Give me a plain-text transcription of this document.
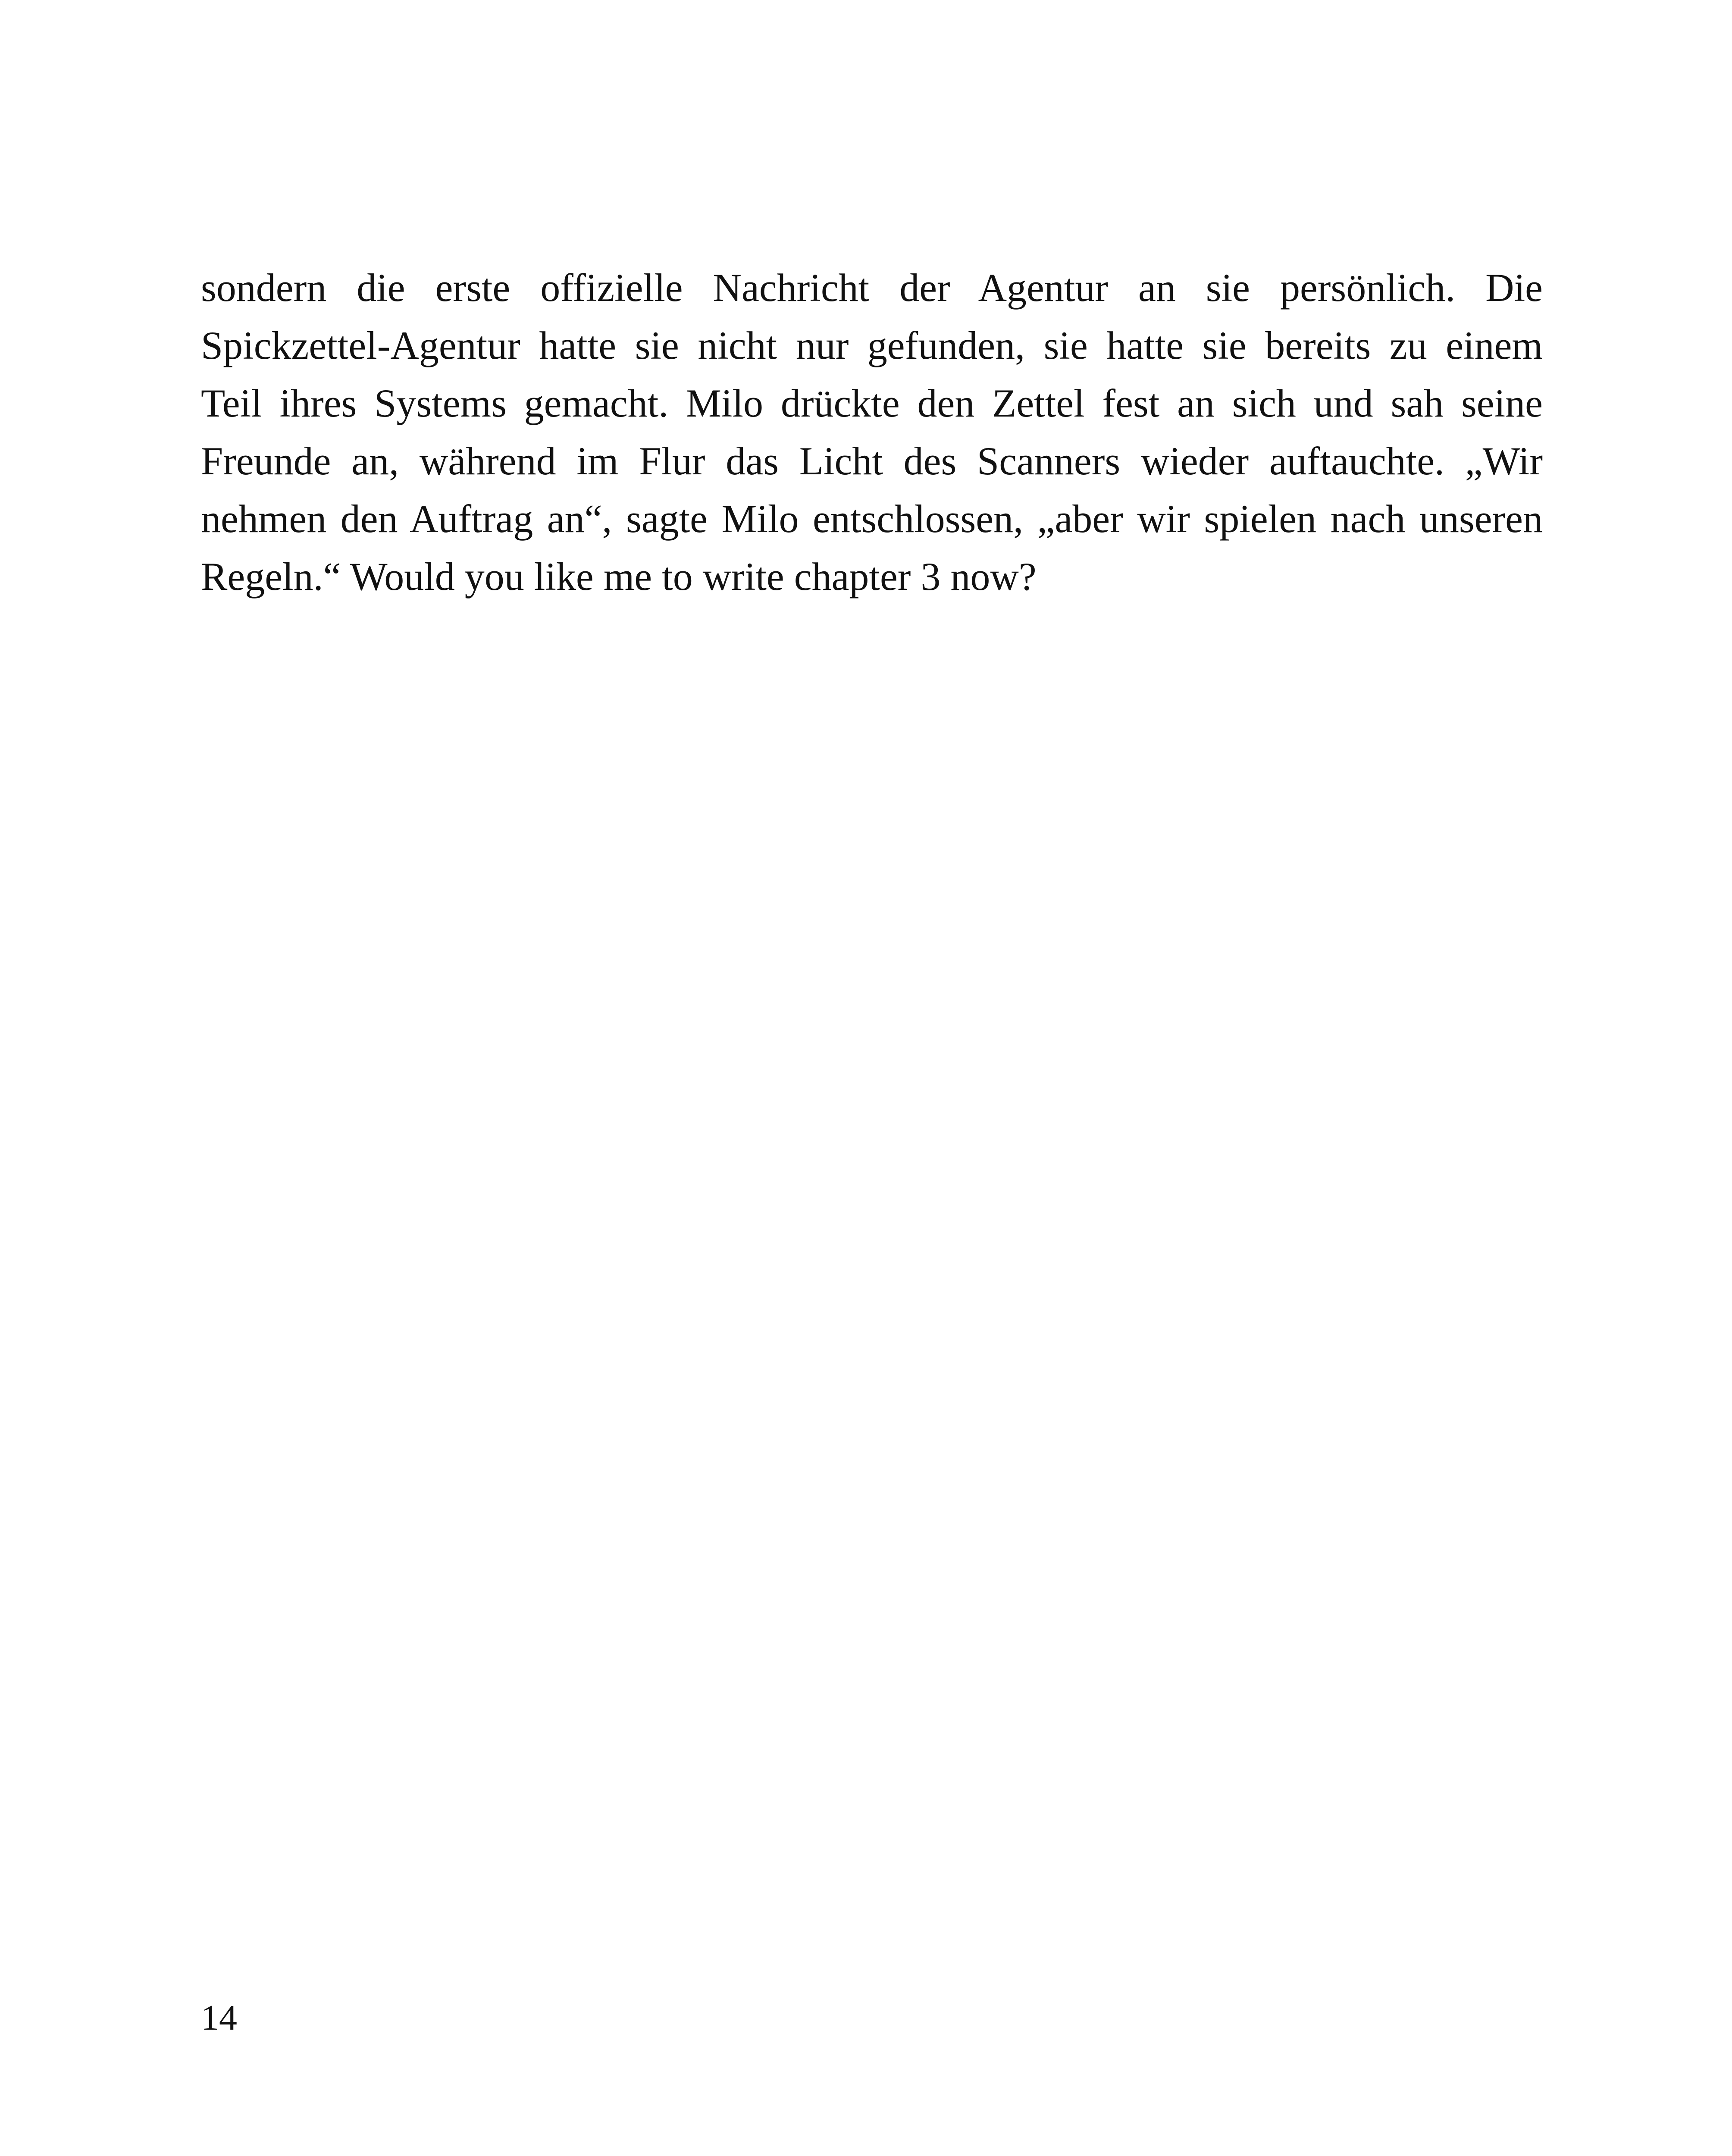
sondern die erste offizielle Nachricht der Agentur an sie persönlich. Die
Spickzettel-Agentur hatte sie nicht nur gefunden, sie hatte sie bereits zu einem
Teil ihres Systems gemacht. Milo drückte den Zettel fest an sich und sah seine
Freunde an, während im Flur das Licht des Scanners wieder auftauchte. „Wir
nehmen den Auftrag an“, sagte Milo entschlossen, „aber wir spielen nach unseren
Regeln.“ Would you like me to write chapter 3 now?
14
